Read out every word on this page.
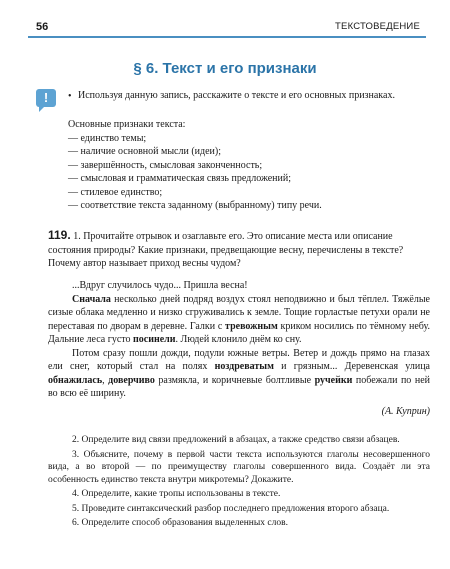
56	ТЕКСТОВЕДЕНИЕ
§ 6. Текст и его признаки
!	• Используя данную запись, расскажите о тексте и его основных признаках.

Основные признаки текста:
— единство темы;
— наличие основной мысли (идеи);
— завершённость, смысловая законченность;
— смысловая и грамматическая связь предложений;
— стилевое единство;
— соответствие текста заданному (выбранному) типу речи.
119. 1. Прочитайте отрывок и озаглавьте его. Это описание места или описание состояния природы? Какие признаки, предвещающие весну, перечислены в тексте? Почему автор называет приход весны чудом?

...Вдруг случилось чудо... Пришла весна!

Сначала несколько дней подряд воздух стоял неподвижно и был тёплел. Тяжёлые сизые облака медленно и низко сгруживались к земле. Тощие горластые петухи орали не переставая по дворам в деревне. Галки с тревожным криком носились по тёмному небу. Дальние леса густо посинели. Людей клонило днём ко сну.

Потом сразу пошли дожди, подули южные ветры. Ветер и дождь прямо на глазах ели снег, который стал на полях ноздреватым и грязным... Деревенская улица обнажилась, доверчиво размякла, и коричневые болтливые ручейки побежали по ней во всю её ширину.

(А. Куприн)

2. Определите вид связи предложений в абзацах, а также средство связи абзацев.

3. Объясните, почему в первой части текста используются глаголы несовершенного вида, а во второй — по преимуществу глаголы совершенного вида. Создаёт ли эта особенность единство текста внутри микротемы? Докажите.

4. Определите, какие тропы использованы в тексте.

5. Проведите синтаксический разбор последнего предложения второго абзаца.

6. Определите способ образования выделенных слов.
